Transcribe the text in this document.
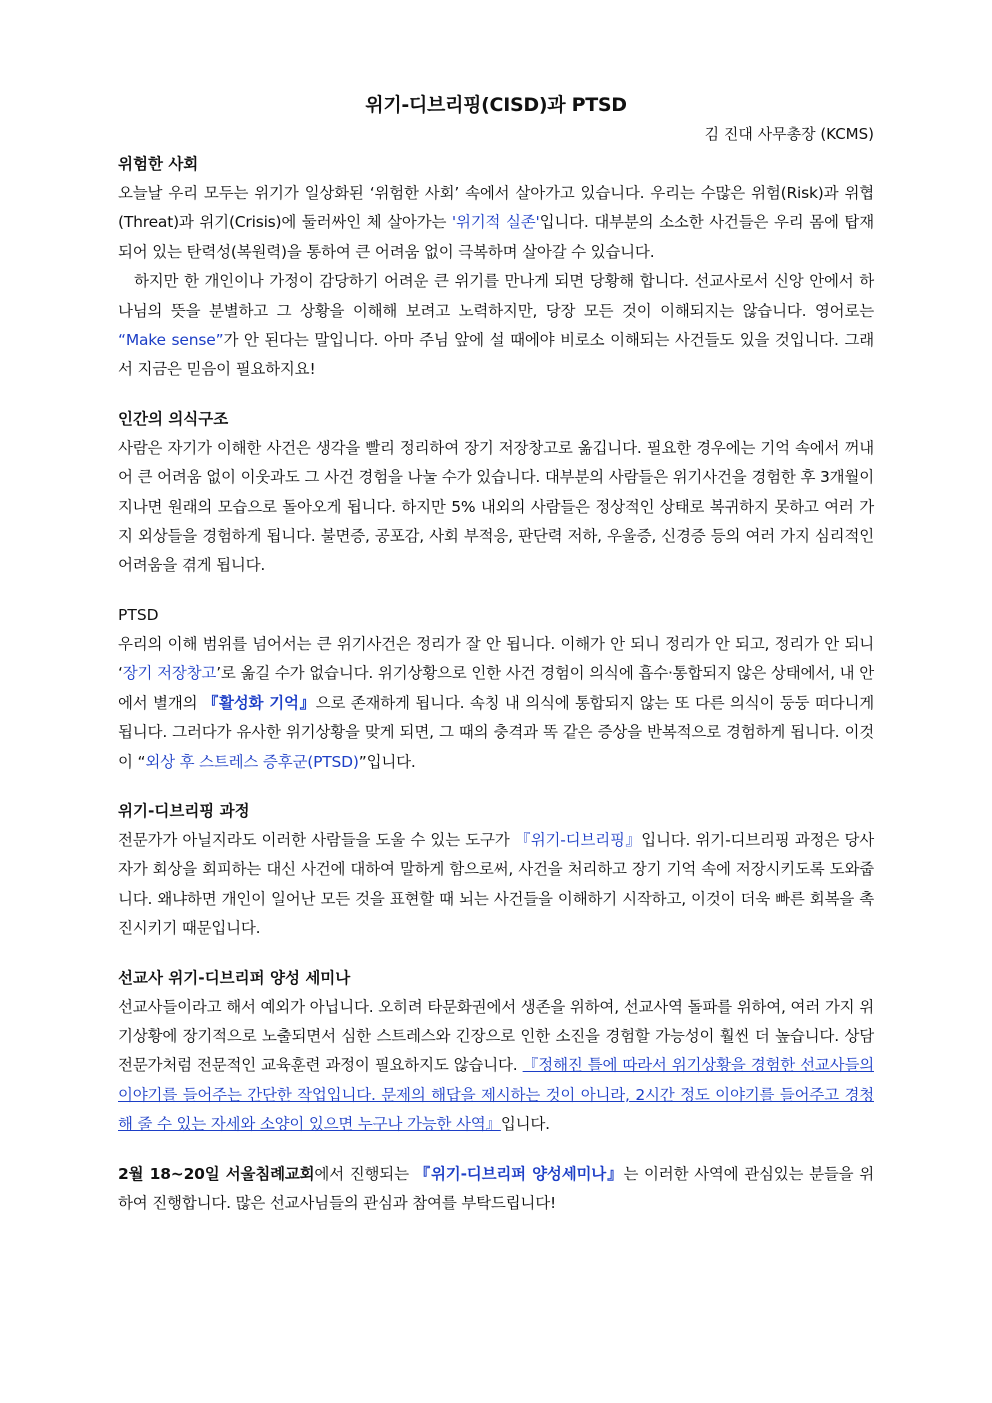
위기-디브리핑(CISD)과 PTSD

김 진대 사무총장 (KCMS)

위험한 사회

오늘날 우리 모두는 위기가 일상화된 ‘위험한 사회’ 속에서 살아가고 있습니다. 우리는 수많은 위험(Risk)과 위협(Threat)과 위기(Crisis)에 둘러싸인 체 살아가는 '위기적 실존'입니다. 대부분의 소소한 사건들은 우리 몸에 탑재되어 있는 탄력성(복원력)을 통하여 큰 어려움 없이 극복하며 살아갈 수 있습니다.

하지만 한 개인이나 가정이 감당하기 어려운 큰 위기를 만나게 되면 당황해 합니다. 선교사로서 신앙 안에서 하나님의 뜻을 분별하고 그 상황을 이해해 보려고 노력하지만, 당장 모든 것이 이해되지는 않습니다. 영어로는 “Make sense”가 안 된다는 말입니다. 아마 주님 앞에 설 때에야 비로소 이해되는 사건들도 있을 것입니다. 그래서 지금은 믿음이 필요하지요!

인간의 의식구조

사람은 자기가 이해한 사건은 생각을 빨리 정리하여 장기 저장창고로 옮깁니다. 필요한 경우에는 기억 속에서 꺼내어 큰 어려움 없이 이웃과도 그 사건 경험을 나눌 수가 있습니다. 대부분의 사람들은 위기사건을 경험한 후 3개월이 지나면 원래의 모습으로 돌아오게 됩니다. 하지만 5% 내외의 사람들은 정상적인 상태로 복귀하지 못하고 여러 가지 외상들을 경험하게 됩니다. 불면증, 공포감, 사회 부적응, 판단력 저하, 우울증, 신경증 등의 여러 가지 심리적인 어려움을 겪게 됩니다.

PTSD

우리의 이해 범위를 넘어서는 큰 위기사건은 정리가 잘 안 됩니다. 이해가 안 되니 정리가 안 되고, 정리가 안 되니 ‘장기 저장창고’로 옮길 수가 없습니다. 위기상황으로 인한 사건 경험이 의식에 흡수·통합되지 않은 상태에서, 내 안에서 별개의 『활성화 기억』으로 존재하게 됩니다. 속칭 내 의식에 통합되지 않는 또 다른 의식이 둥둥 떠다니게 됩니다. 그러다가 유사한 위기상황을 맞게 되면, 그 때의 충격과 똑 같은 증상을 반복적으로 경험하게 됩니다. 이것이 “외상 후 스트레스 증후군(PTSD)”입니다.

위기-디브리핑 과정

전문가가 아닐지라도 이러한 사람들을 도울 수 있는 도구가 『위기-디브리핑』입니다. 위기-디브리핑 과정은 당사자가 회상을 회피하는 대신 사건에 대하여 말하게 함으로써, 사건을 처리하고 장기 기억 속에 저장시키도록 도와줍니다. 왜냐하면 개인이 일어난 모든 것을 표현할 때 뇌는 사건들을 이해하기 시작하고, 이것이 더욱 빠른 회복을 촉진시키기 때문입니다.

선교사 위기-디브리퍼 양성 세미나

선교사들이라고 해서 예외가 아닙니다. 오히려 타문화권에서 생존을 위하여, 선교사역 돌파를 위하여, 여러 가지 위기상황에 장기적으로 노출되면서 심한 스트레스와 긴장으로 인한 소진을 경험할 가능성이 훨씬 더 높습니다. 상담전문가처럼 전문적인 교육훈련 과정이 필요하지도 않습니다. 『정해진 틀에 따라서 위기상황을 경험한 선교사들의 이야기를 들어주는 간단한 작업입니다. 문제의 해답을 제시하는 것이 아니라, 2시간 정도 이야기를 들어주고 경청해 줄 수 있는 자세와 소양이 있으면 누구나 가능한 사역』입니다.

2월 18~20일 서울침례교회에서 진행되는 『위기-디브리퍼 양성세미나』는 이러한 사역에 관심있는 분들을 위하여 진행합니다. 많은 선교사님들의 관심과 참여를 부탁드립니다!
